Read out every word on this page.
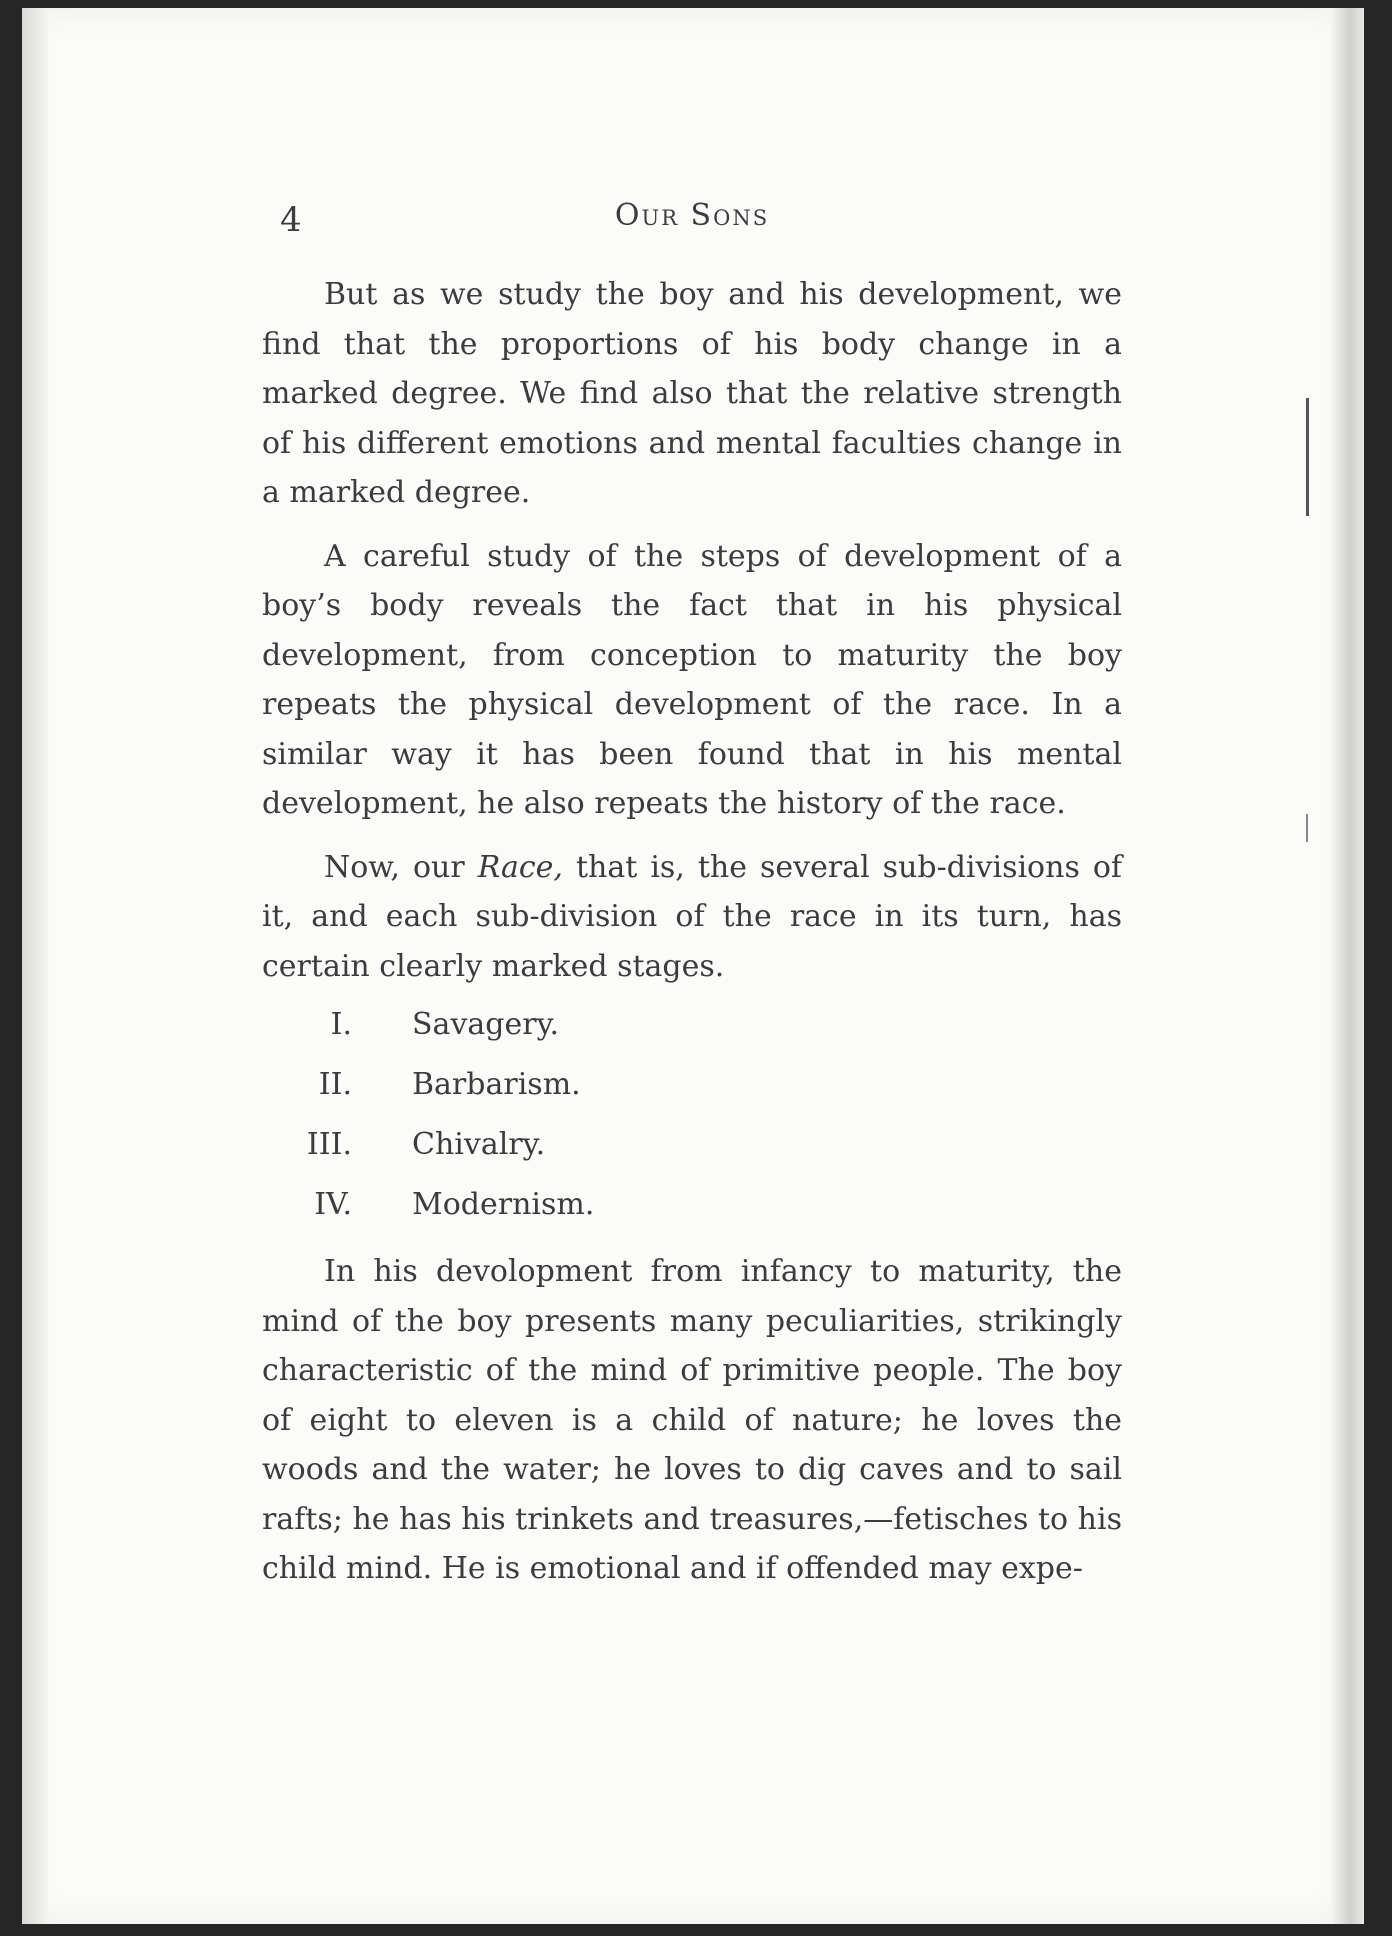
4	Our Sons

But as we study the boy and his development, we find that the proportions of his body change in a marked degree. We find also that the relative strength of his different emotions and mental faculties change in a marked degree.

A careful study of the steps of development of a boy’s body reveals the fact that in his physical development, from conception to maturity the boy repeats the physical development of the race. In a similar way it has been found that in his mental development, he also repeats the history of the race.

Now, our Race, that is, the several sub-divisions of it, and each sub-division of the race in its turn, has certain clearly marked stages.

I. Savagery.
II. Barbarism.
III. Chivalry.
IV. Modernism.

In his devolopment from infancy to maturity, the mind of the boy presents many peculiarities, strikingly characteristic of the mind of primitive people. The boy of eight to eleven is a child of nature; he loves the woods and the water; he loves to dig caves and to sail rafts; he has his trinkets and treasures,—fetisches to his child mind. He is emotional and if offended may expe-
